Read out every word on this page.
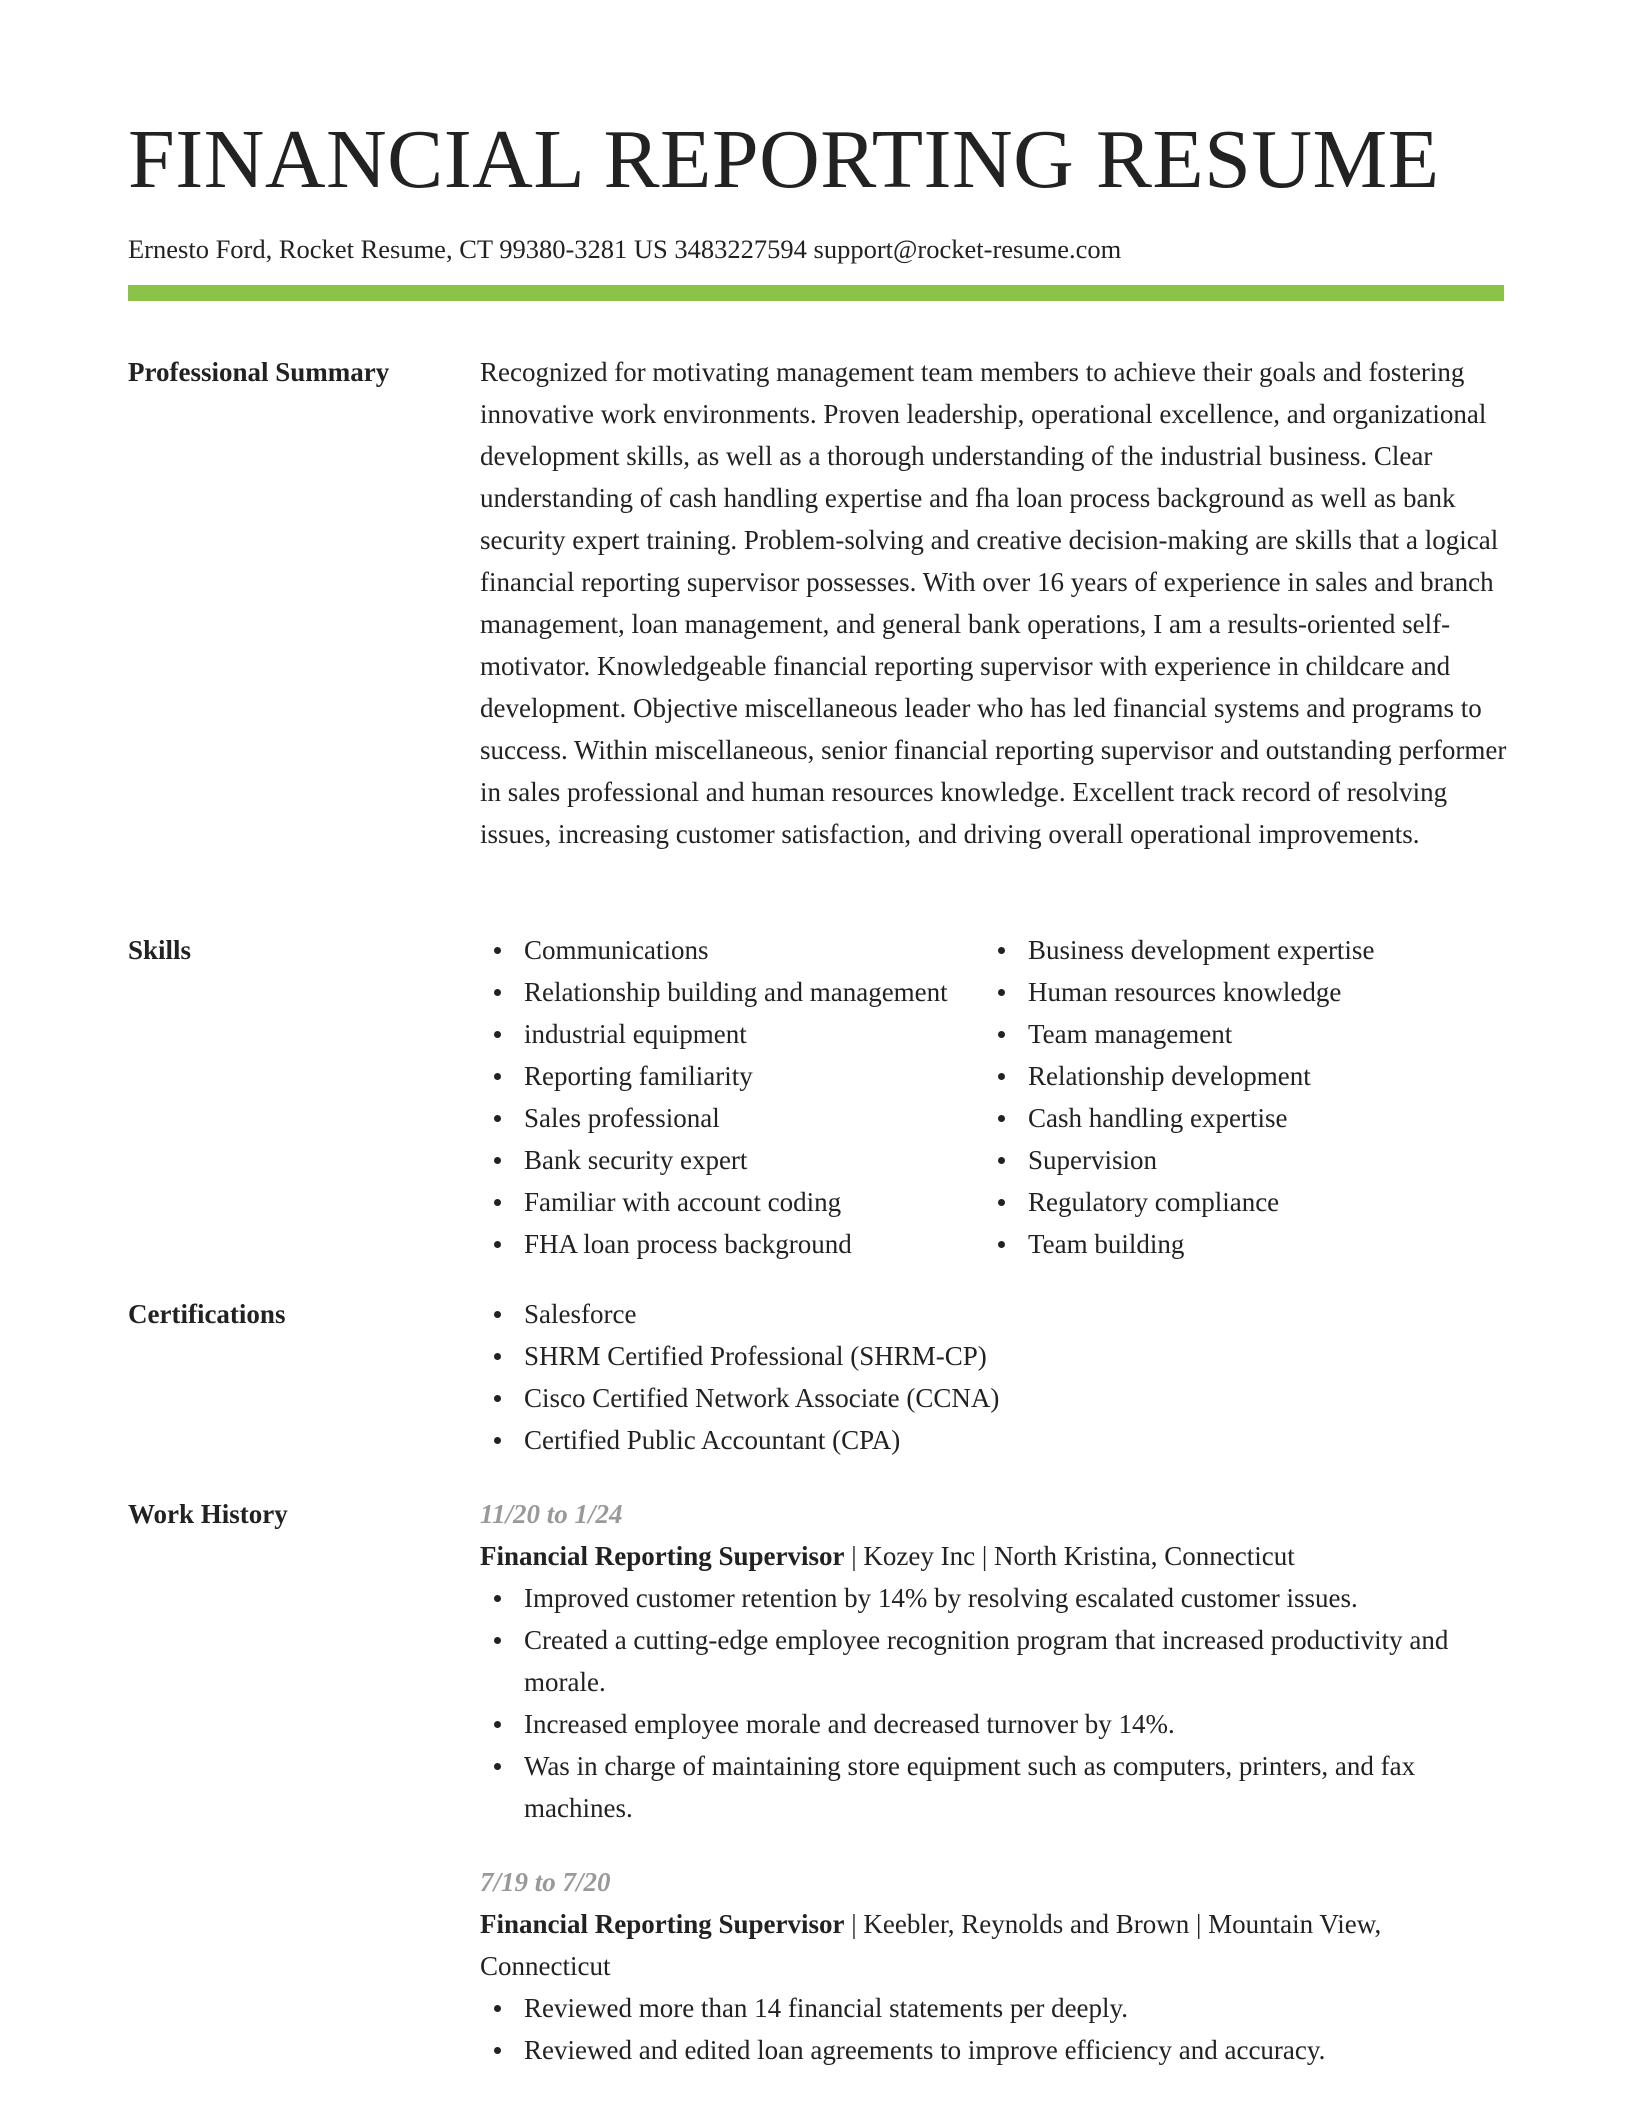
FINANCIAL REPORTING RESUME
Ernesto Ford, Rocket Resume, CT 99380-3281 US 3483227594 support@rocket-resume.com
Professional Summary	Recognized for motivating management team members to achieve their goals and fostering innovative work environments. Proven leadership, operational excellence, and organizational development skills, as well as a thorough understanding of the industrial business. Clear understanding of cash handling expertise and fha loan process background as well as bank security expert training. Problem-solving and creative decision-making are skills that a logical financial reporting supervisor possesses. With over 16 years of experience in sales and branch management, loan management, and general bank operations, I am a results-oriented self-motivator. Knowledgeable financial reporting supervisor with experience in childcare and development. Objective miscellaneous leader who has led financial systems and programs to success. Within miscellaneous, senior financial reporting supervisor and outstanding performer in sales professional and human resources knowledge. Excellent track record of resolving issues, increasing customer satisfaction, and driving overall operational improvements.

Skills	Communications
Relationship building and management
industrial equipment
Reporting familiarity
Sales professional
Bank security expert
Familiar with account coding
FHA loan process background
Business development expertise
Human resources knowledge
Team management
Relationship development
Cash handling expertise
Supervision
Regulatory compliance
Team building
Certifications	Salesforce
SHRM Certified Professional (SHRM-CP)
Cisco Certified Network Associate (CCNA)
Certified Public Accountant (CPA)
Work History	11/20 to 1/24
Financial Reporting Supervisor | Kozey Inc | North Kristina, Connecticut
Improved customer retention by 14% by resolving escalated customer issues.
Created a cutting-edge employee recognition program that increased productivity and morale.
Increased employee morale and decreased turnover by 14%.
Was in charge of maintaining store equipment such as computers, printers, and fax machines.
7/19 to 7/20
Financial Reporting Supervisor | Keebler, Reynolds and Brown | Mountain View, Connecticut
Reviewed more than 14 financial statements per deeply.
Reviewed and edited loan agreements to improve efficiency and accuracy.
